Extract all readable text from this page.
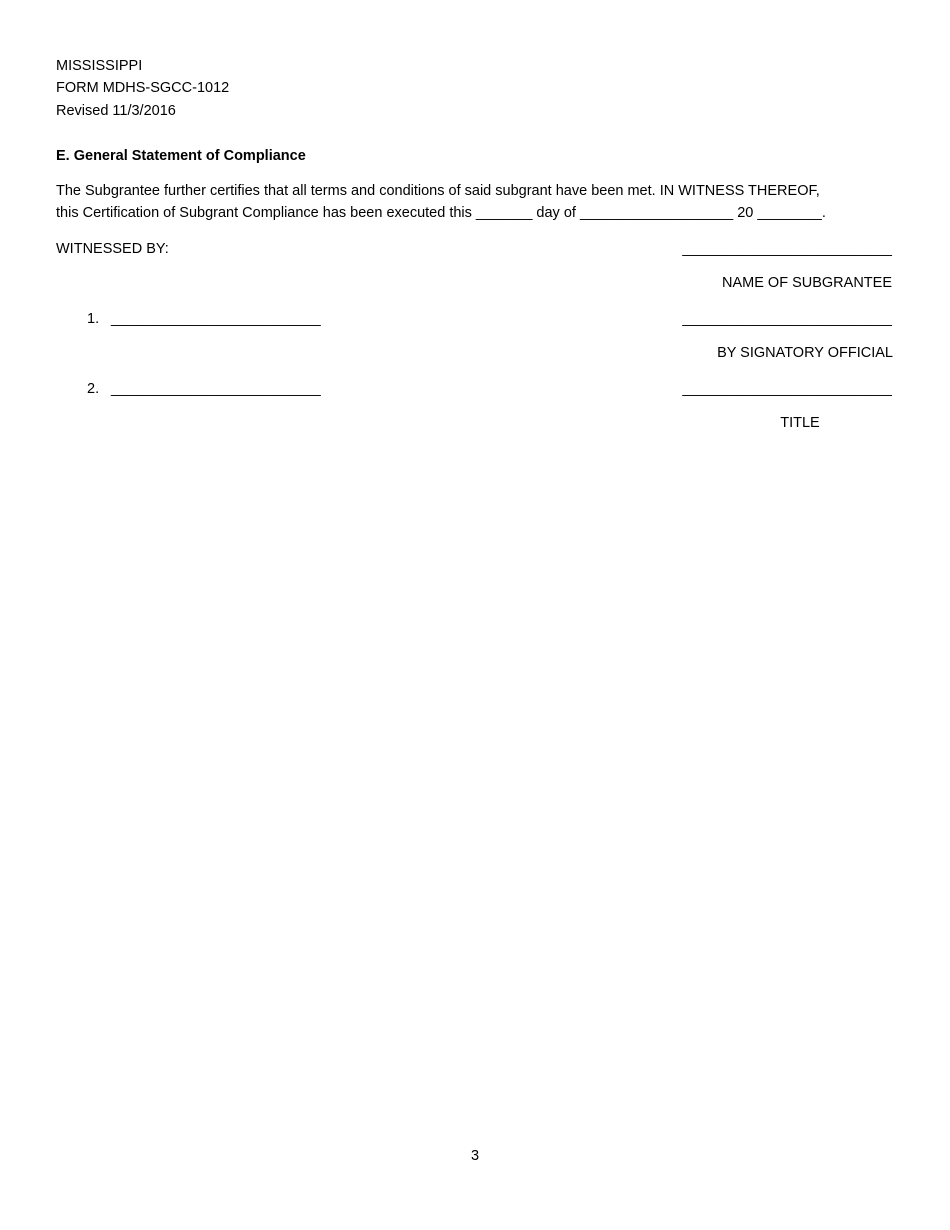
MISSISSIPPI
FORM MDHS-SGCC-1012
Revised 11/3/2016
E. General Statement of Compliance
The Subgrantee further certifies that all terms and conditions of said subgrant have been met. IN WITNESS THEREOF,
this Certification of Subgrant Compliance has been executed this _______ day of ___________________ 20 ________.
WITNESSED BY:	__________________________
NAME OF SUBGRANTEE
1. __________________________	__________________________
BY SIGNATORY OFFICIAL
2. __________________________	__________________________
TITLE
3
